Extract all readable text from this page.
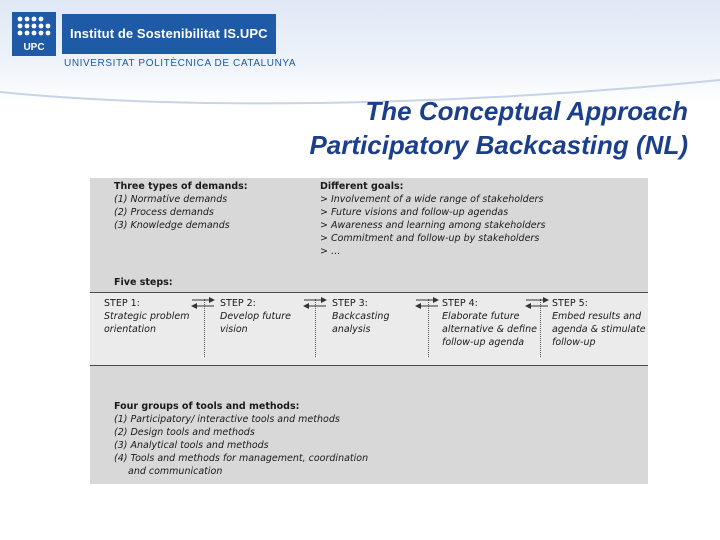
UPC
Institut de Sostenibilitat IS.UPC
UNIVERSITAT POLITÈCNICA DE CATALUNYA
The Conceptual Approach
Participatory Backcasting (NL)
Three types of demands:
(1) Normative demands
(2) Process demands
(3) Knowledge demands
Different goals:
> Involvement of a wide range of stakeholders
> Future visions and follow-up agendas
> Awareness and learning among stakeholders
> Commitment and follow-up by stakeholders
> …
Five steps:
STEP 1:
Strategic problem
orientation
STEP 2:
Develop future
vision
STEP 3:
Backcasting
analysis
STEP 4:
Elaborate future
alternative & define
follow-up agenda
STEP 5:
Embed results and
agenda & stimulate
follow-up
Four groups of tools and methods:
(1) Participatory/ interactive tools and methods
(2) Design tools and methods
(3) Analytical tools and methods
(4) Tools and methods for management, coordination
and communication
